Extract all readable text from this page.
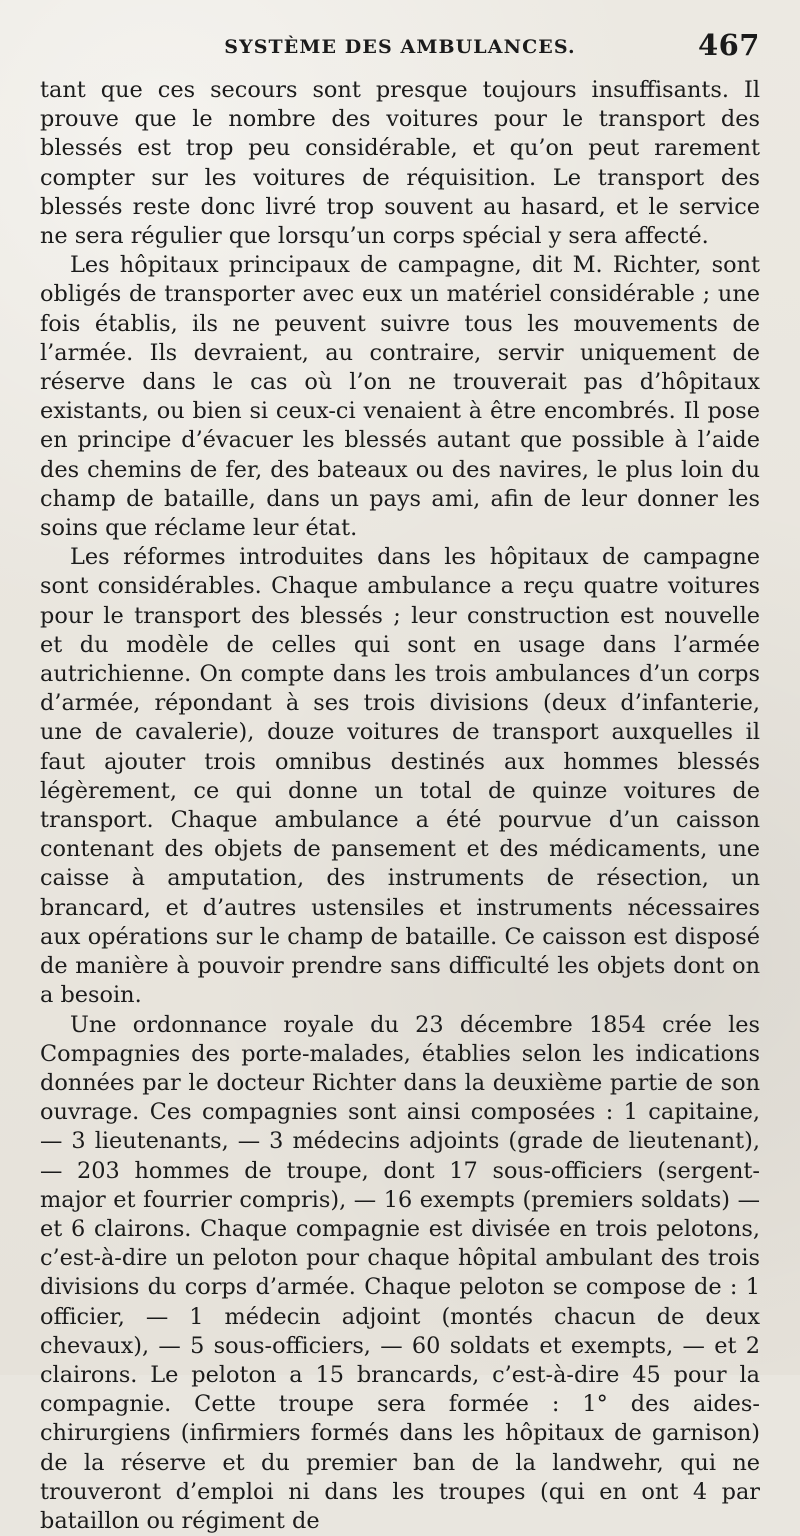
SYSTÈME DES AMBULANCES.	467

tant que ces secours sont presque toujours insuffisants. Il prouve que le nombre des voitures pour le transport des blessés est trop peu considérable, et qu’on peut rarement compter sur les voitures de réquisition. Le transport des blessés reste donc livré trop souvent au hasard, et le service ne sera régulier que lorsqu’un corps spécial y sera affecté.

Les hôpitaux principaux de campagne, dit M. Richter, sont obligés de transporter avec eux un matériel considérable ; une fois établis, ils ne peuvent suivre tous les mouvements de l’armée. Ils devraient, au contraire, servir uniquement de réserve dans le cas où l’on ne trouverait pas d’hôpitaux existants, ou bien si ceux-ci venaient à être encombrés. Il pose en principe d’évacuer les blessés autant que possible à l’aide des chemins de fer, des bateaux ou des navires, le plus loin du champ de bataille, dans un pays ami, afin de leur donner les soins que réclame leur état.

Les réformes introduites dans les hôpitaux de campagne sont considérables. Chaque ambulance a reçu quatre voitures pour le transport des blessés ; leur construction est nouvelle et du modèle de celles qui sont en usage dans l’armée autrichienne. On compte dans les trois ambulances d’un corps d’armée, répondant à ses trois divisions (deux d’infanterie, une de cavalerie), douze voitures de transport auxquelles il faut ajouter trois omnibus destinés aux hommes blessés légèrement, ce qui donne un total de quinze voitures de transport. Chaque ambulance a été pourvue d’un caisson contenant des objets de pansement et des médicaments, une caisse à amputation, des instruments de résection, un brancard, et d’autres ustensiles et instruments nécessaires aux opérations sur le champ de bataille. Ce caisson est disposé de manière à pouvoir prendre sans difficulté les objets dont on a besoin.

Une ordonnance royale du 23 décembre 1854 crée les Compagnies des porte-malades, établies selon les indications données par le docteur Richter dans la deuxième partie de son ouvrage. Ces compagnies sont ainsi composées : 1 capitaine, — 3 lieutenants, — 3 médecins adjoints (grade de lieutenant), — 203 hommes de troupe, dont 17 sous-officiers (sergent-major et fourrier compris), — 16 exempts (premiers soldats) — et 6 clairons. Chaque compagnie est divisée en trois pelotons, c’est-à-dire un peloton pour chaque hôpital ambulant des trois divisions du corps d’armée. Chaque peloton se compose de : 1 officier, — 1 médecin adjoint (montés chacun de deux chevaux), — 5 sous-officiers, — 60 soldats et exempts, — et 2 clairons. Le peloton a 15 brancards, c’est-à-dire 45 pour la compagnie. Cette troupe sera formée : 1° des aides-chirurgiens (infirmiers formés dans les hôpitaux de garnison) de la réserve et du premier ban de la landwehr, qui ne trouveront d’emploi ni dans les troupes (qui en ont 4 par bataillon ou régiment de
